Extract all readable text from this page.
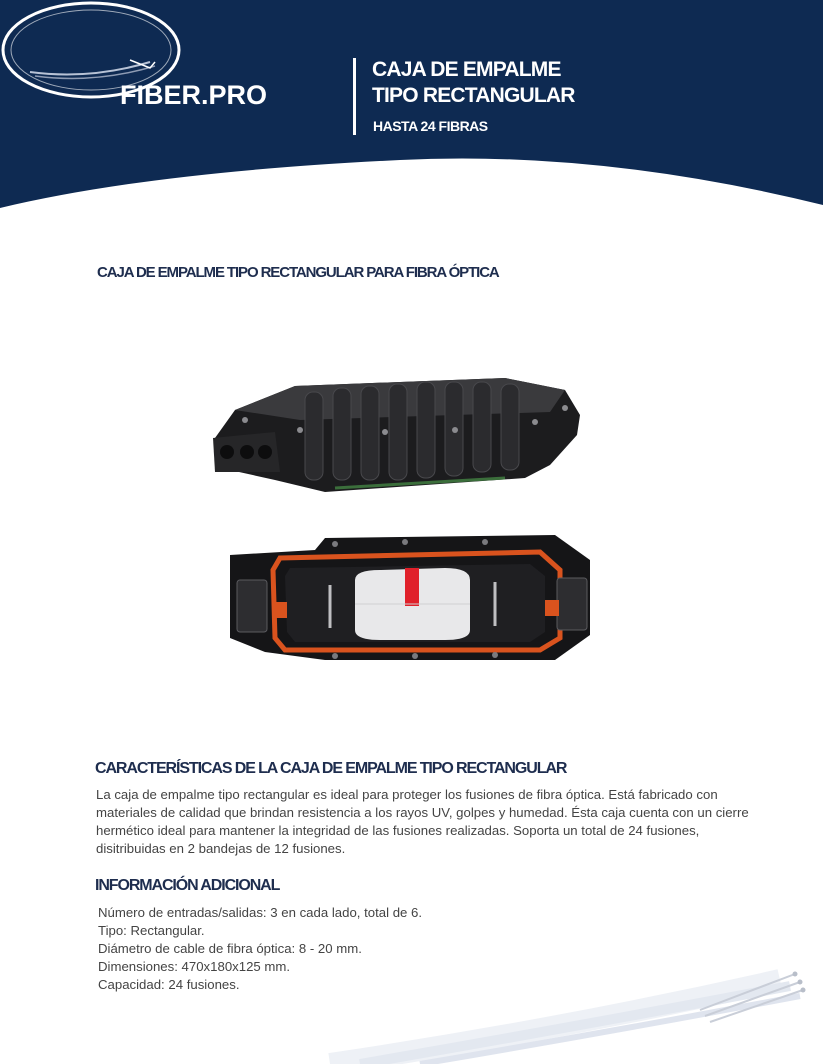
FIBER.PRO
CAJA DE EMPALME
TIPO RECTANGULAR
HASTA 24 FIBRAS
CAJA DE EMPALME TIPO RECTANGULAR PARA FIBRA ÓPTICA
CARACTERÍSTICAS DE LA CAJA DE EMPALME TIPO RECTANGULAR
La caja de empalme tipo rectangular es ideal para proteger los fusiones de fibra óptica. Está fabricado con materiales de calidad que brindan resistencia a los rayos UV, golpes y humedad. Ésta caja cuenta con un cierre hermético ideal para mantener la integridad de las fusiones realizadas. Soporta un total de 24 fusiones, disitribuidas en 2 bandejas de 12 fusiones.
INFORMACIÓN ADICIONAL
Número de entradas/salidas: 3 en cada lado, total de 6.
Tipo: Rectangular.
Diámetro de cable de fibra óptica: 8 - 20 mm.
Dimensiones: 470x180x125 mm.
Capacidad: 24 fusiones.
